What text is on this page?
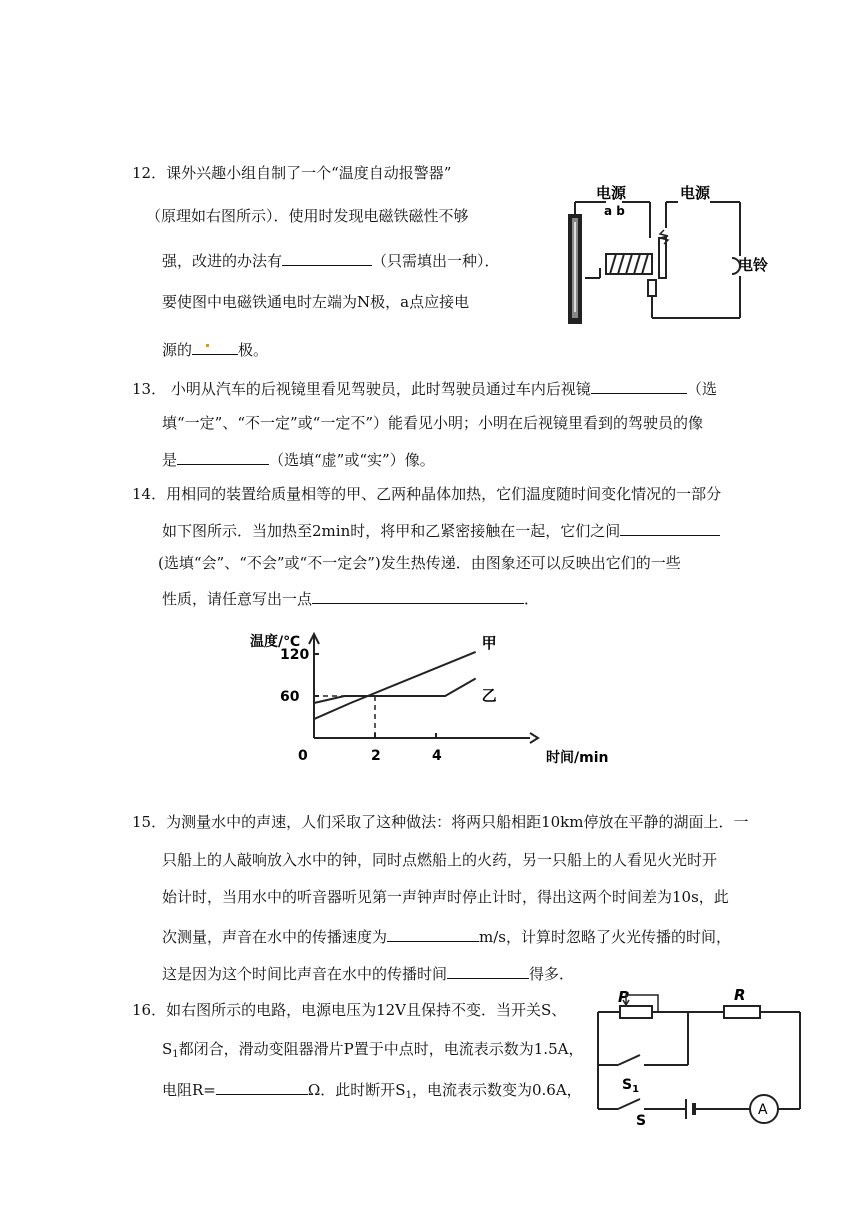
12．课外兴趣小组自制了一个“温度自动报警器”
（原理如右图所示）．使用时发现电磁铁磁性不够
强，改进的办法有	（只需填出一种）．
要使图中电磁铁通电时左端为N极，a点应接电
源的	极。
电源
a b
电源
电铃
13． 小明从汽车的后视镜里看见驾驶员，此时驾驶员通过车内后视镜	（选
填“一定”、“不一定”或“一定不”）能看见小明；小明在后视镜里看到的驾驶员的像
是	（选填“虚”或“实”）像。
14．用相同的装置给质量相等的甲、乙两种晶体加热，它们温度随时间变化情况的一部分
如下图所示．当加热至2min时，将甲和乙紧密接触在一起，它们之间
(选填“会”、“不会”或“不一定会”)发生热传递．由图象还可以反映出它们的一些
性质，请任意写出一点	．
60
120
2	4
温度/℃
时间/min
0
甲
乙
15．为测量水中的声速，人们采取了这种做法：将两只船相距10km停放在平静的湖面上．一
只船上的人敲响放入水中的钟，同时点燃船上的火药，另一只船上的人看见火光时开
始计时，当用水中的听音器听见第一声钟声时停止计时，得出这两个时间差为10s，此
次测量，声音在水中的传播速度为	m/s，计算时忽略了火光传播的时间，
这是因为这个时间比声音在水中的传播时间	得多．
16．如右图所示的电路，电源电压为12V且保持不变．当开关S、
$S_1$都闭合，滑动变阻器滑片P置于中点时，电流表示数为1.5A，
电阻R=	Ω．此时断开$S_1$，电流表示数变为0.6A，
P	R
$S_1$
A
S
